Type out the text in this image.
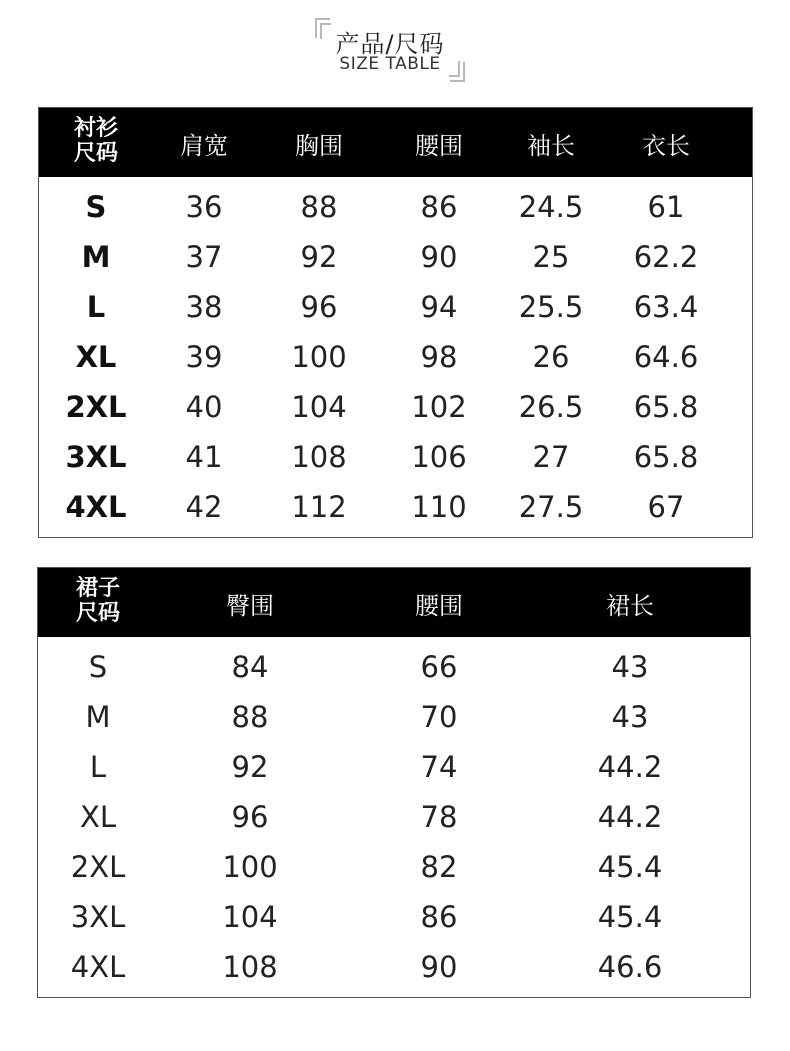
产品/尺码
SIZE TABLE
衬衫
尺码	肩宽	胸围	腰围	袖长	衣长
S	36	88	86 24.5 61
M	37	92	90	25 62.2
L	38	96	94 25.5 63.4
XL 39 100	98	26 64.6
2XL 40 104 102 26.5 65.8
3XL 41 108 106 27 65.8
4XL 42 112 110 27.5 67
裙子
尺码	臀围	腰围	裙长
S	84	66	43
M	88	70	43
L	92	74	44.2
XL	96	78	44.2
2XL	100	82	45.4
3XL	104	86	45.4
4XL	108	90	46.6
